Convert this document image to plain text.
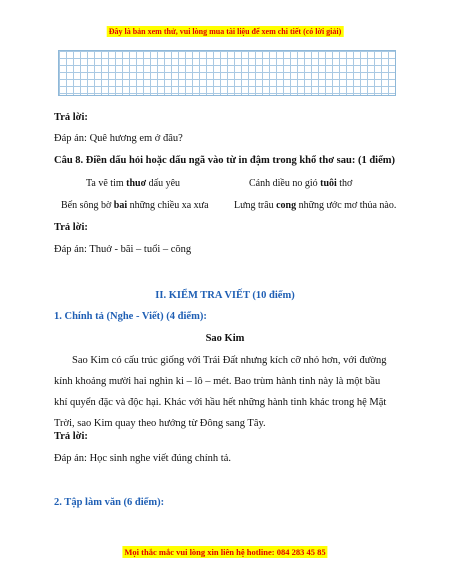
Đây là bản xem thử, vui lòng mua tài liệu để xem chi tiết (có lời giải)
Trả lời:
Đáp án: Quê hương em ở đâu?
Câu 8. Điền dấu hỏi hoặc dấu ngã vào từ in đậm trong khổ thơ sau: (1 điểm)
Ta vẽ tim thuơ dấu yêu	Cánh diều no gió tuôi thơ
Bến sông bờ bai những chiều xa xưa	Lưng trâu cong những ước mơ thủa nào.
Trả lời:
Đáp án: Thuở - bãi – tuổi – cõng
II. KIỂM TRA VIẾT (10 điểm)
1. Chính tả (Nghe - Viết) (4 điểm):
Sao Kim
Sao Kim có cấu trúc giống với Trái Đất nhưng kích cỡ nhỏ hơn, với đường kính khoảng mười hai nghìn ki – lô – mét. Bao trùm hành tinh này là một bầu khí quyển đặc và độc hại. Khác với hầu hết những hành tinh khác trong hệ Mặt Trời, sao Kim quay theo hướng từ Đông sang Tây.
Trả lời:
Đáp án: Học sinh nghe viết đúng chính tả.
2. Tập làm văn (6 điểm):
Mọi thắc mắc vui lòng xin liên hệ hotline: 084 283 45 85
